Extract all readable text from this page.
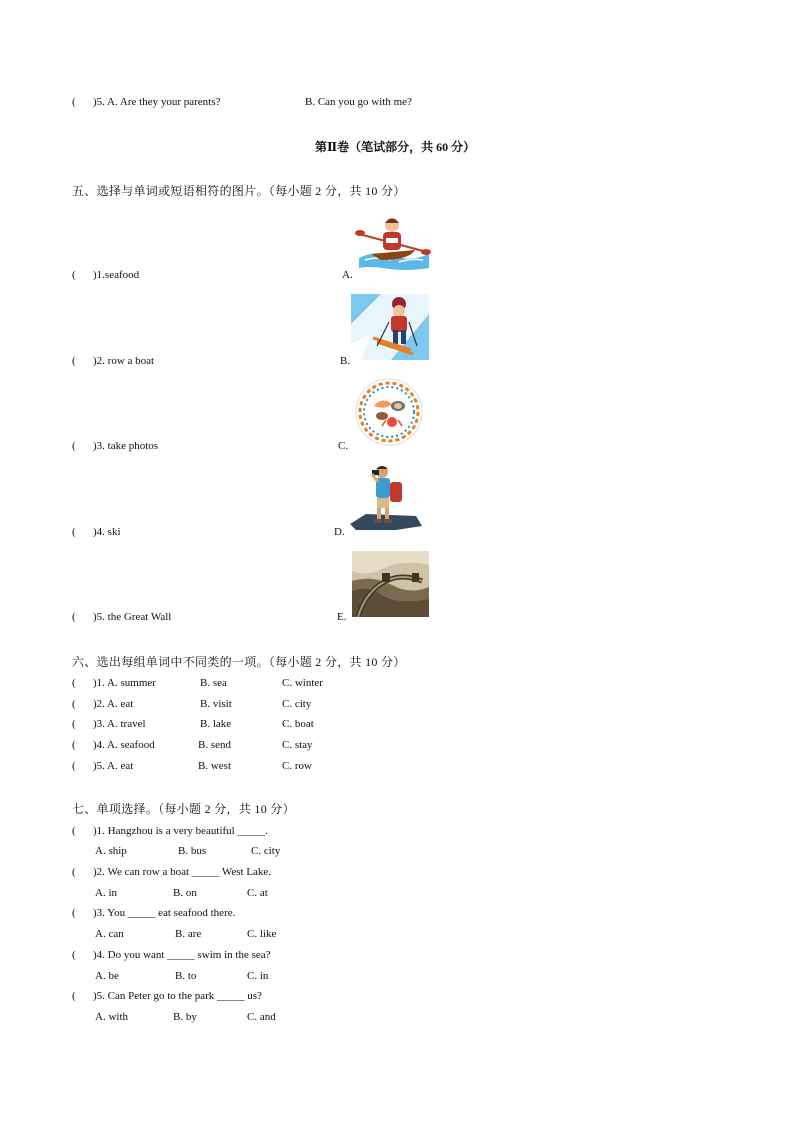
( )5. A. Are they your parents?	B. Can you go with me?
第Ⅱ卷（笔试部分，共 60 分）
五、选择与单词或短语相符的图片。（每小题 2 分，共 10 分）
( )1.seafood	A.
( )2. row a boat	B.
( )3. take photos	C.
( )4. ski	D.
( )5. the Great Wall	E.
六、选出每组单词中不同类的一项。（每小题 2 分，共 10 分）
( )1. A. summer	B. sea	C. winter
( )2. A. eat	B. visit	C. city
( )3. A. travel	B. lake	C. boat
( )4. A. seafood	B. send	C. stay
( )5. A. eat	B. west	C. row
七、单项选择。（每小题 2 分，共 10 分）
( )1. Hangzhou is a very beautiful _____.
A. ship	B. bus	C. city
( )2. We can row a boat _____ West Lake.
A. in	B. on	C. at
( )3. You _____ eat seafood there.
A. can	B. are	C. like
( )4. Do you want _____ swim in the sea?
A. be	B. to	C. in
( )5. Can Peter go to the park _____ us?
A. with	B. by	C. and
